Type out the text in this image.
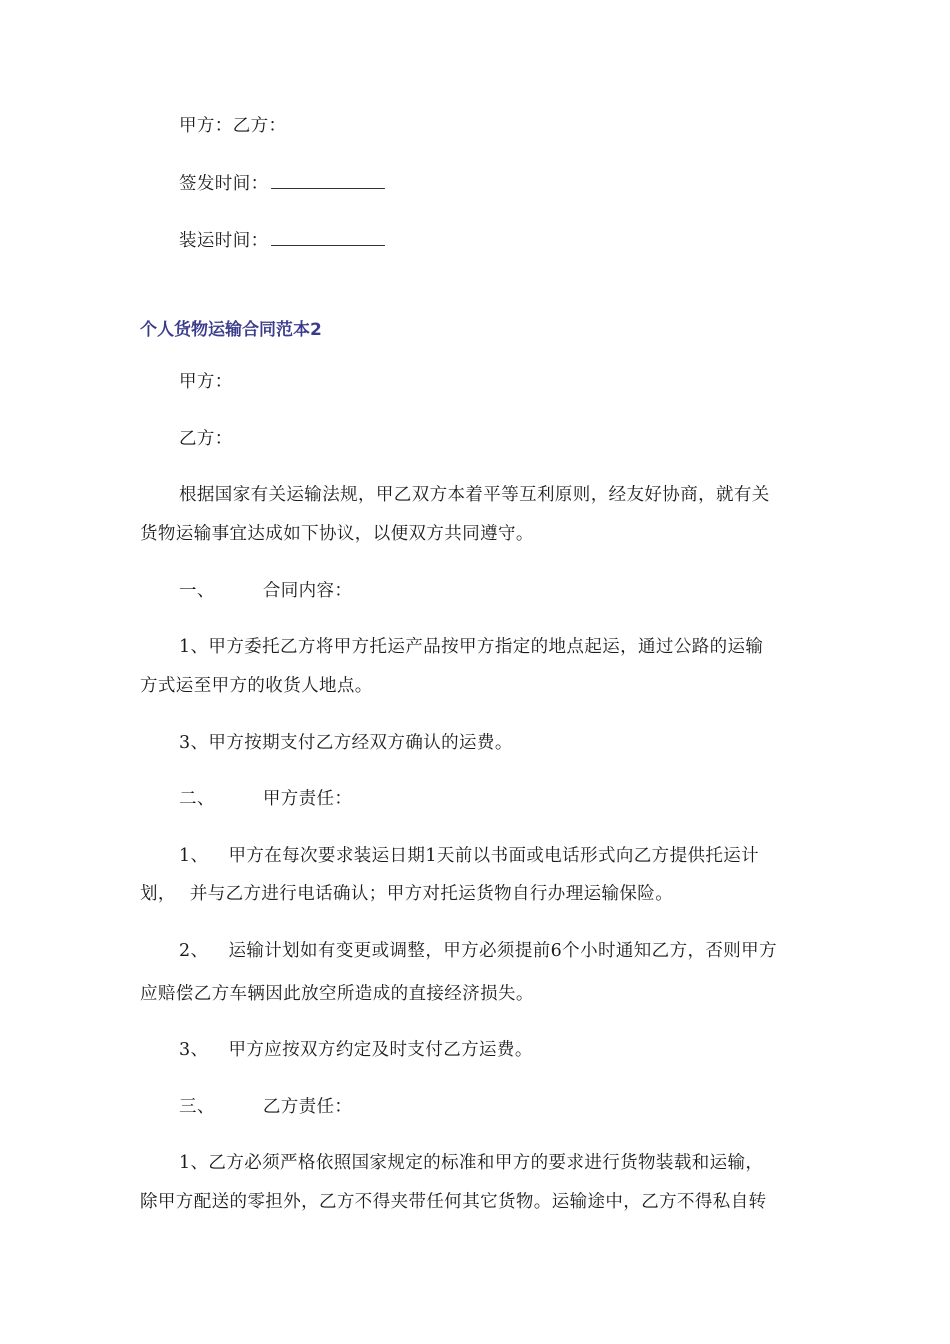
甲方：乙方：
签发时间：
装运时间：
个人货物运输合同范本2
甲方：
乙方：
根据国家有关运输法规，甲乙双方本着平等互利原则，经友好协商，就有关
货物运输事宜达成如下协议，以便双方共同遵守。
一、	合同内容：
1、甲方委托乙方将甲方托运产品按甲方指定的地点起运，通过公路的运输
方式运至甲方的收货人地点。
3、甲方按期支付乙方经双方确认的运费。
二、	甲方责任：
1、 甲方在每次要求装运日期1天前以书面或电话形式向乙方提供托运计
划， 并与乙方进行电话确认；甲方对托运货物自行办理运输保险。
2、 运输计划如有变更或调整，甲方必须提前6个小时通知乙方，否则甲方
应赔偿乙方车辆因此放空所造成的直接经济损失。
3、 甲方应按双方约定及时支付乙方运费。
三、	乙方责任：
1、乙方必须严格依照国家规定的标准和甲方的要求进行货物装载和运输，
除甲方配送的零担外，乙方不得夹带任何其它货物。运输途中，乙方不得私自转
